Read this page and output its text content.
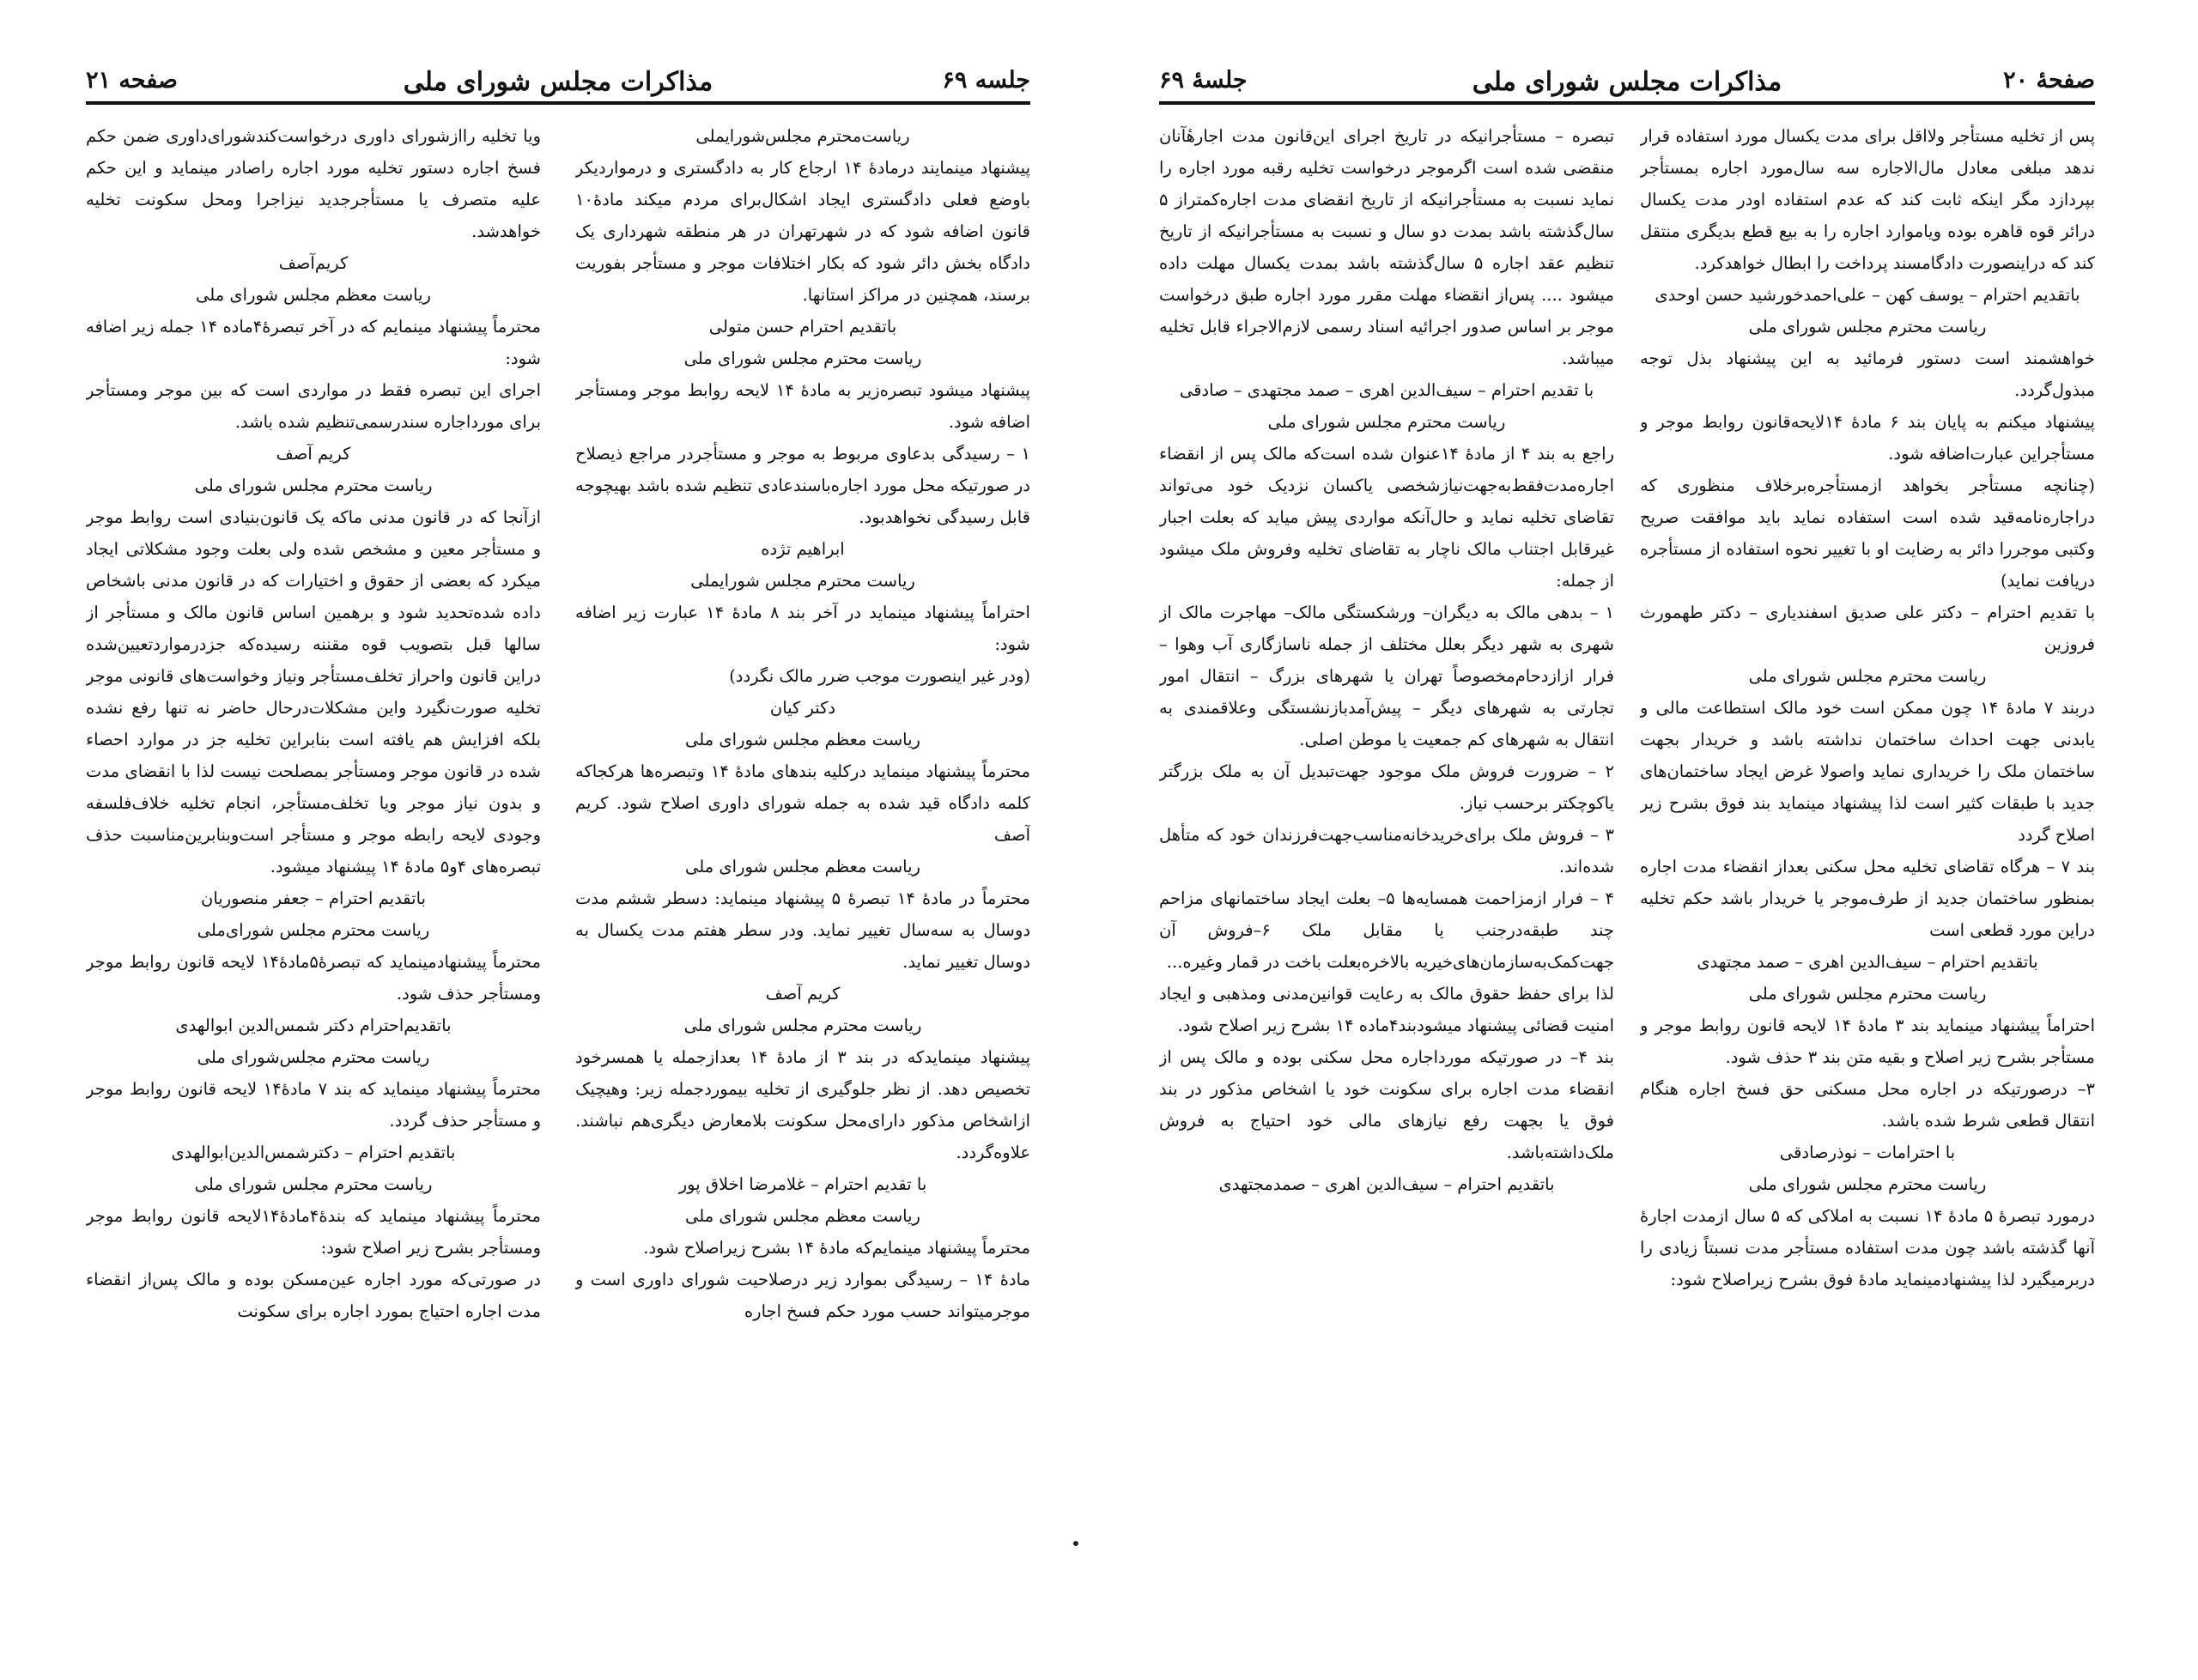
صفحه ۲۱	مذاکرات مجلس شورای ملی	جلسه ۶۹

ریاست‌محترم مجلس‌شورایملی

پیشنهاد مینمایند درمادهٔ ۱۴ ارجاع کار به دادگستری و درمواردیکر باوضع فعلی دادگستری ایجاد اشکال‌برای مردم میکند مادهٔ۱۰ قانون اضافه شود که در شهرتهران در هر منطقه شهرداری یک دادگاه بخش دائر شود که بکار اختلافات موجر و مستأجر بفوریت برسند، همچنین در مراکز استانها.

باتقدیم احترام حسن متولی

ریاست محترم مجلس شورای ملی

پیشنهاد میشود تبصره‌زیر به مادهٔ ۱۴ لایحه روابط موجر ومستأجر اضافه شود.

۱ – رسیدگی بدعاوی مربوط به موجر و مستأجردر مراجع ذیصلاح در صورتیکه محل مورد اجاره‌باسندعادی تنظیم شده باشد بهیچوجه قابل رسیدگی نخواهدبود.

ابراهیم تژده

ریاست محترم مجلس شورایملی

احتراماً پیشنهاد مینماید در آخر بند ۸ مادهٔ ۱۴ عبارت زیر اضافه شود:

(ودر غیر اینصورت موجب ضرر مالک نگردد)

دکتر کیان

ریاست معظم مجلس شورای ملی

محترماً پیشنهاد مینماید درکلیه بندهای مادهٔ ۱۴ وتبصره‌ها هرکجاکه کلمه دادگاه قید شده به جمله شورای داوری اصلاح شود. کریم آصف

ریاست معظم مجلس شورای ملی

محترماً در مادهٔ ۱۴ تبصرهٔ ۵ پیشنهاد مینماید: دسطر ششم مدت دوسال به سه‌سال تغییر نماید. ودر سطر هفتم مدت یکسال به دوسال تغییر نماید.

کریم آصف

ریاست محترم مجلس شورای ملی

پیشنهاد مینمایدکه در بند ۳ از مادهٔ ۱۴ بعدازجمله یا همسرخود تخصیص دهد. از نظر جلوگیری از تخلیه بیموردجمله زیر: وهیچیک ازاشخاص مذکور دارای‌محل سکونت بلامعارض دیگری‌هم نباشند. علاوه‌گردد.

با تقدیم احترام – غلامرضا اخلاق پور

ریاست معظم مجلس شورای ملی

محترماً پیشنهاد مینمایم‌که مادهٔ ۱۴ بشرح زیراصلاح شود.

مادهٔ ۱۴ – رسیدگی بموارد زیر درصلاحیت شورای داوری است و موجرمیتواند حسب مورد حکم فسخ اجاره

ویا تخلیه راازشورای داوری درخواست‌کندشورای‌داوری ضمن حکم فسخ اجاره دستور تخلیه مورد اجاره راصادر مینماید و این حکم علیه متصرف یا مستأجرجدید نیزاجرا ومحل سکونت تخلیه خواهدشد.

کریم‌آصف

ریاست معظم مجلس شورای ملی

محترماً پیشنهاد مینمایم که در آخر تبصرهٔ۴ماده ۱۴ جمله زیر اضافه شود:

اجرای این تبصره فقط در مواردی است که بین موجر ومستأجر برای موردا‌جاره سندرسمی‌تنظیم شده باشد.

کریم آصف

ریاست محترم مجلس شورای ملی

ازآنجا که در قانون مدنی ماکه یک قانون‌بنیادی است روابط موجر و مستأجر معین و مشخص شده ولی بعلت وجود مشکلاتی ایجاد میکرد که بعضی از حقوق و اختیارات که در قانون مدنی باشخاص داده شده‌تحدید شود و برهمین اساس قانون مالک و مستأجر از سالها قبل بتصویب قوه مقننه رسیده‌که جزدرمواردتعیین‌شده دراین قانون واحراز تخلف‌مستأجر ونیاز وخواست‌های قانونی موجر تخلیه صورت‌نگیرد واین مشکلات‌درحال حاضر نه تنها رفع نشده بلکه افزایش هم یافته است بنابراین تخلیه جز در موارد احصاء شده در قانون موجر ومستأجر بمصلحت نیست لذا با انقضای مدت و بدون نیاز موجر ویا تخلف‌مستأجر، انجام تخلیه خلاف‌فلسفه وجودی لایحه رابطه موجر و مستأجر است‌وبنابرین‌مناسبت حذف تبصره‌های ۴و۵ مادهٔ ۱۴ پیشنهاد میشود.

باتقدیم احترام – جعفر منصوریان

ریاست محترم مجلس شورای‌ملی

محترماً پیشنهادمینماید که تبصرهٔ۵مادهٔ۱۴ لایحه قانون روابط موجر ومستأجر حذف شود.

باتقدیم‌احترام دکتر شمس‌الدین ابوالهدی

ریاست محترم مجلس‌شورای ملی

محترماً پیشنهاد مینماید که بند ۷ مادهٔ۱۴ لایحه قانون روابط موجر و مستأجر حذف گردد.

باتقدیم احترام – دکترشمس‌الدین‌ابوالهدی

ریاست محترم مجلس شورای ملی

محترماً پیشنهاد مینماید که بندهٔ۴مادهٔ۱۴لایحه قانون روابط موجر ومستأجر بشرح زیر اصلاح شود:

در صورتی‌که مورد اجاره عین‌مسکن بوده و مالک پس‌از انقضاء مدت اجاره احتیاج بمورد اجاره برای سکونت

صفحهٔ ۲۰
مذاکرات مجلس شورای ملی
جلسهٔ ۶۹

پس از تخلیه مستأجر ولااقل برای مدت یکسال مورد استفاده قرار ندهد مبلغی معادل مال‌الاجاره سه سال‌مورد اجاره بمستأجر بپردازد مگر اینکه ثابت کند که عدم استفاده اودر مدت یکسال درائر قوه قاهره بوده ویاموارد اجاره را به بیع قطع بدیگری منتقل کند که دراینصورت دادگامسند پرداخت را ابطال خواهدکرد.

باتقدیم احترام – یوسف کهن – علی‌احمدخورشید حسن اوحدی

ریاست محترم مجلس شورای ملی

خواهشمند است دستور فرمائید به این پیشنهاد بذل توجه مبذول‌گردد.

پیشنهاد میکنم به پایان بند ۶ مادهٔ ۱۴لایحه‌قانون روابط موجر و مستأجراین عبارت‌اضافه شود.

(چنانچه مستأجر بخواهد ازمستأجره‌برخلاف منظوری که دراجاره‌نامه‌قید شده است استفاده نماید باید موافقت صریح وکتبی موجررا دائر به رضایت او با تغییر نحوه استفاده از مستأجره دریافت نماید)

با تقدیم احترام – دکتر علی صدیق اسفندیاری – دکتر طهمورث فروزین

ریاست محترم مجلس شورای ملی

دربند ۷ مادهٔ ۱۴ چون ممکن است خود مالک استطاعت مالی و یابدنی جهت احداث ساختمان نداشته باشد و خریدار بجهت ساختمان ملک را خریداری نماید واصولا غرض ایجاد ساختمان‌های جدید با طبقات کثیر است لذا پیشنهاد مینماید بند فوق بشرح زیر اصلاح گردد

بند ۷ – هرگاه تقاضای تخلیه محل سکنی بعداز انقضاء مدت اجاره بمنظور ساختمان جدید از طرف‌موجر یا خریدار باشد حکم تخلیه دراین مورد قطعی است

باتقدیم احترام – سیف‌الدین اهری – صمد مجتهدی

ریاست محترم مجلس شورای ملی

احتراماً پیشنهاد مینماید بند ۳ مادهٔ ۱۴ لایحه قانون روابط موجر و مستأجر بشرح زیر اصلاح و بقیه متن بند ۳ حذف شود.

۳– درصورتیکه در اجاره محل مسکنی حق فسخ اجاره هنگام انتقال قطعی شرط شده باشد.

با احترامات – نوذرصادقی

ریاست محترم مجلس شورای ملی

درمورد تبصرهٔ ۵ مادهٔ ۱۴ نسبت به املاکی که ۵ سال ازمدت اجارهٔ آنها گذشته باشد چون مدت استفاده مستأجر مدت نسبتاً زیادی را دربرمیگیرد لذا پیشنهادمینماید مادهٔ فوق بشرح زیراصلاح شود:

تبصره – مستأجرانیکه در تاریخ اجرای این‌قانون مدت اجارهٔآنان منقضی شده است اگرموجر درخواست تخلیه رقبه مورد اجاره را نماید نسبت به مستأجرانیکه از تاریخ انقضای مدت اجاره‌کمتراز ۵ سال‌گذشته باشد بمدت دو سال و نسبت به مستأجرانیکه از تاریخ تنظیم عقد اجاره ۵ سال‌گذشته باشد بمدت یکسال مهلت داده میشود .... پس‌از انقضاء مهلت مقرر مورد اجاره طبق درخواست موجر بر اساس صدور اجرائیه اسناد رسمی لازم‌الاجراء قابل تخلیه میباشد.

با تقدیم احترام – سیف‌الدین اهری – صمد مجتهدی – صادقی

ریاست محترم مجلس شورای ملی

راجع به بند ۴ از مادهٔ ۱۴عنوان شده است‌که مالک پس از انقضاء اجاره‌مدت‌فقط‌به‌جهت‌نیازشخصی یاکسان نزدیک خود می‌تواند تقاضای تخلیه نماید و حال‌آنکه مواردی پیش میاید که بعلت اجبار غیرقابل اجتناب مالک ناچار به تقاضای تخلیه وفروش ملک میشود از جمله:

۱ – بدهی مالک به دیگران– ورشکستگی مالک– مهاجرت مالک از شهری به شهر دیگر بعلل مختلف از جمله ناسازگاری آب وهوا – فرار ازازدحام‌مخصوصاً تهران یا شهرهای بزرگ – انتقال امور تجارتی به شهرهای دیگر – پیش‌آمدبازنشستگی وعلاقمندی به انتقال به شهرهای کم جمعیت یا موطن اصلی.

۲ – ضرورت فروش ملک موجود جهت‌تبدیل آن به ملک بزرگتر یاکوچکتر برحسب نیاز.

۳ – فروش ملک برای‌خریدخانه‌مناسب‌جهت‌فرزندان خود که متأهل شده‌اند.

۴ – فرار ازمزاحمت همسایه‌ها ۵– بعلت ایجاد ساختمانهای مزاحم چند طبقه‌درجنب یا مقابل ملک ۶–فروش آن جهت‌کمک‌به‌سازمان‌های‌خیریه بالاخره‌بعلت باخت در قمار وغیره...

لذا برای حفظ حقوق مالک به رعایت قوانین‌مدنی ومذهبی و ایجاد امنیت قضائی پیشنهاد میشودبند۴ماده ۱۴ بشرح زیر اصلاح شود.

بند ۴– در صورتیکه موردا‌جاره محل سکنی بوده و مالک پس از انقضاء مدت اجاره برای سکونت خود یا اشخاص مذکور در بند فوق یا بجهت رفع نیازهای مالی خود احتیاج به فروش ملک‌داشته‌باشد.

باتقدیم احترام – سیف‌الدین اهری – صمدمجتهدی
